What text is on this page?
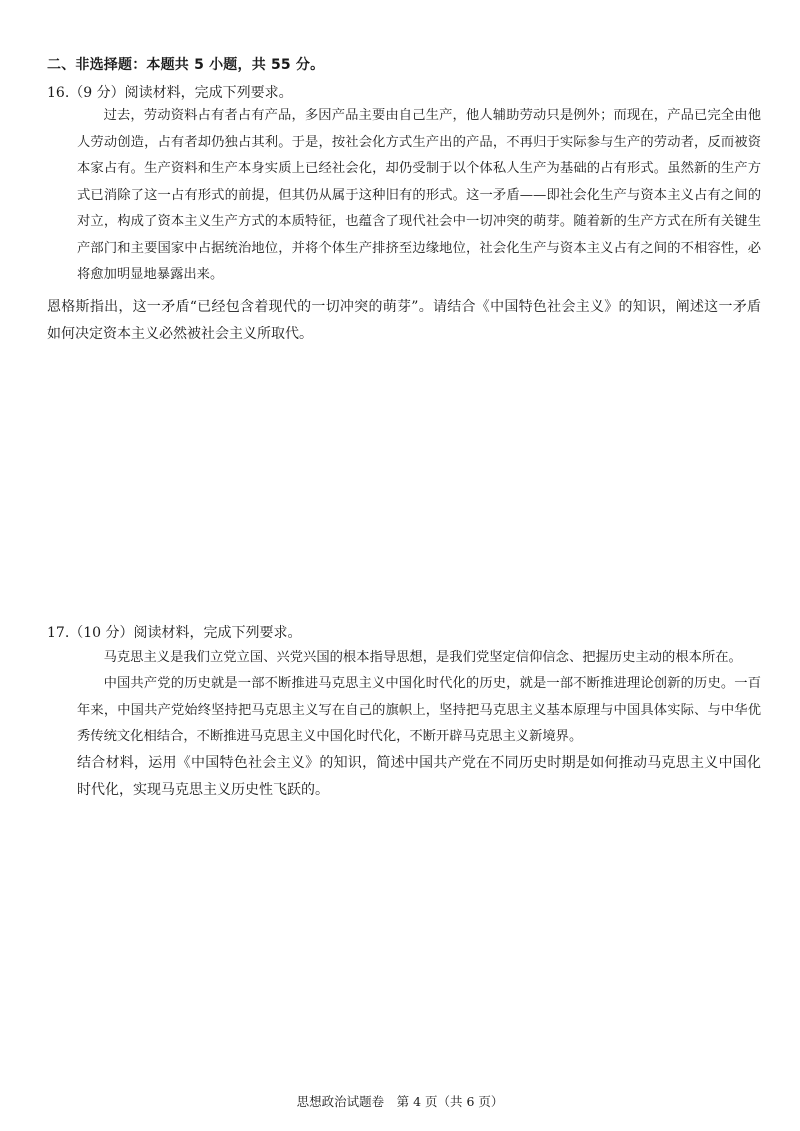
二、非选择题：本题共 5 小题，共 55 分。
16.（9 分）阅读材料，完成下列要求。

过去，劳动资料占有者占有产品，多因产品主要由自己生产，他人辅助劳动只是例外；而现在，产品已完全由他人劳动创造，占有者却仍独占其利。于是，按社会化方式生产出的产品，不再归于实际参与生产的劳动者，反而被资本家占有。生产资料和生产本身实质上已经社会化，却仍受制于以个体私人生产为基础的占有形式。虽然新的生产方式已消除了这一占有形式的前提，但其仍从属于这种旧有的形式。这一矛盾——即社会化生产与资本主义占有之间的对立，构成了资本主义生产方式的本质特征，也蕴含了现代社会中一切冲突的萌芽。随着新的生产方式在所有关键生产部门和主要国家中占据统治地位，并将个体生产排挤至边缘地位，社会化生产与资本主义占有之间的不相容性，必将愈加明显地暴露出来。

恩格斯指出，这一矛盾“已经包含着现代的一切冲突的萌芽”。请结合《中国特色社会主义》的知识，阐述这一矛盾如何决定资本主义必然被社会主义所取代。

17.（10 分）阅读材料，完成下列要求。

马克思主义是我们立党立国、兴党兴国的根本指导思想，是我们党坚定信仰信念、把握历史主动的根本所在。

中国共产党的历史就是一部不断推进马克思主义中国化时代化的历史，就是一部不断推进理论创新的历史。一百年来，中国共产党始终坚持把马克思主义写在自己的旗帜上，坚持把马克思主义基本原理与中国具体实际、与中华优秀传统文化相结合，不断推进马克思主义中国化时代化，不断开辟马克思主义新境界。

结合材料，运用《中国特色社会主义》的知识，简述中国共产党在不同历史时期是如何推动马克思主义中国化时代化，实现马克思主义历史性飞跃的。

思想政治试题卷　第 4 页（共 6 页）
